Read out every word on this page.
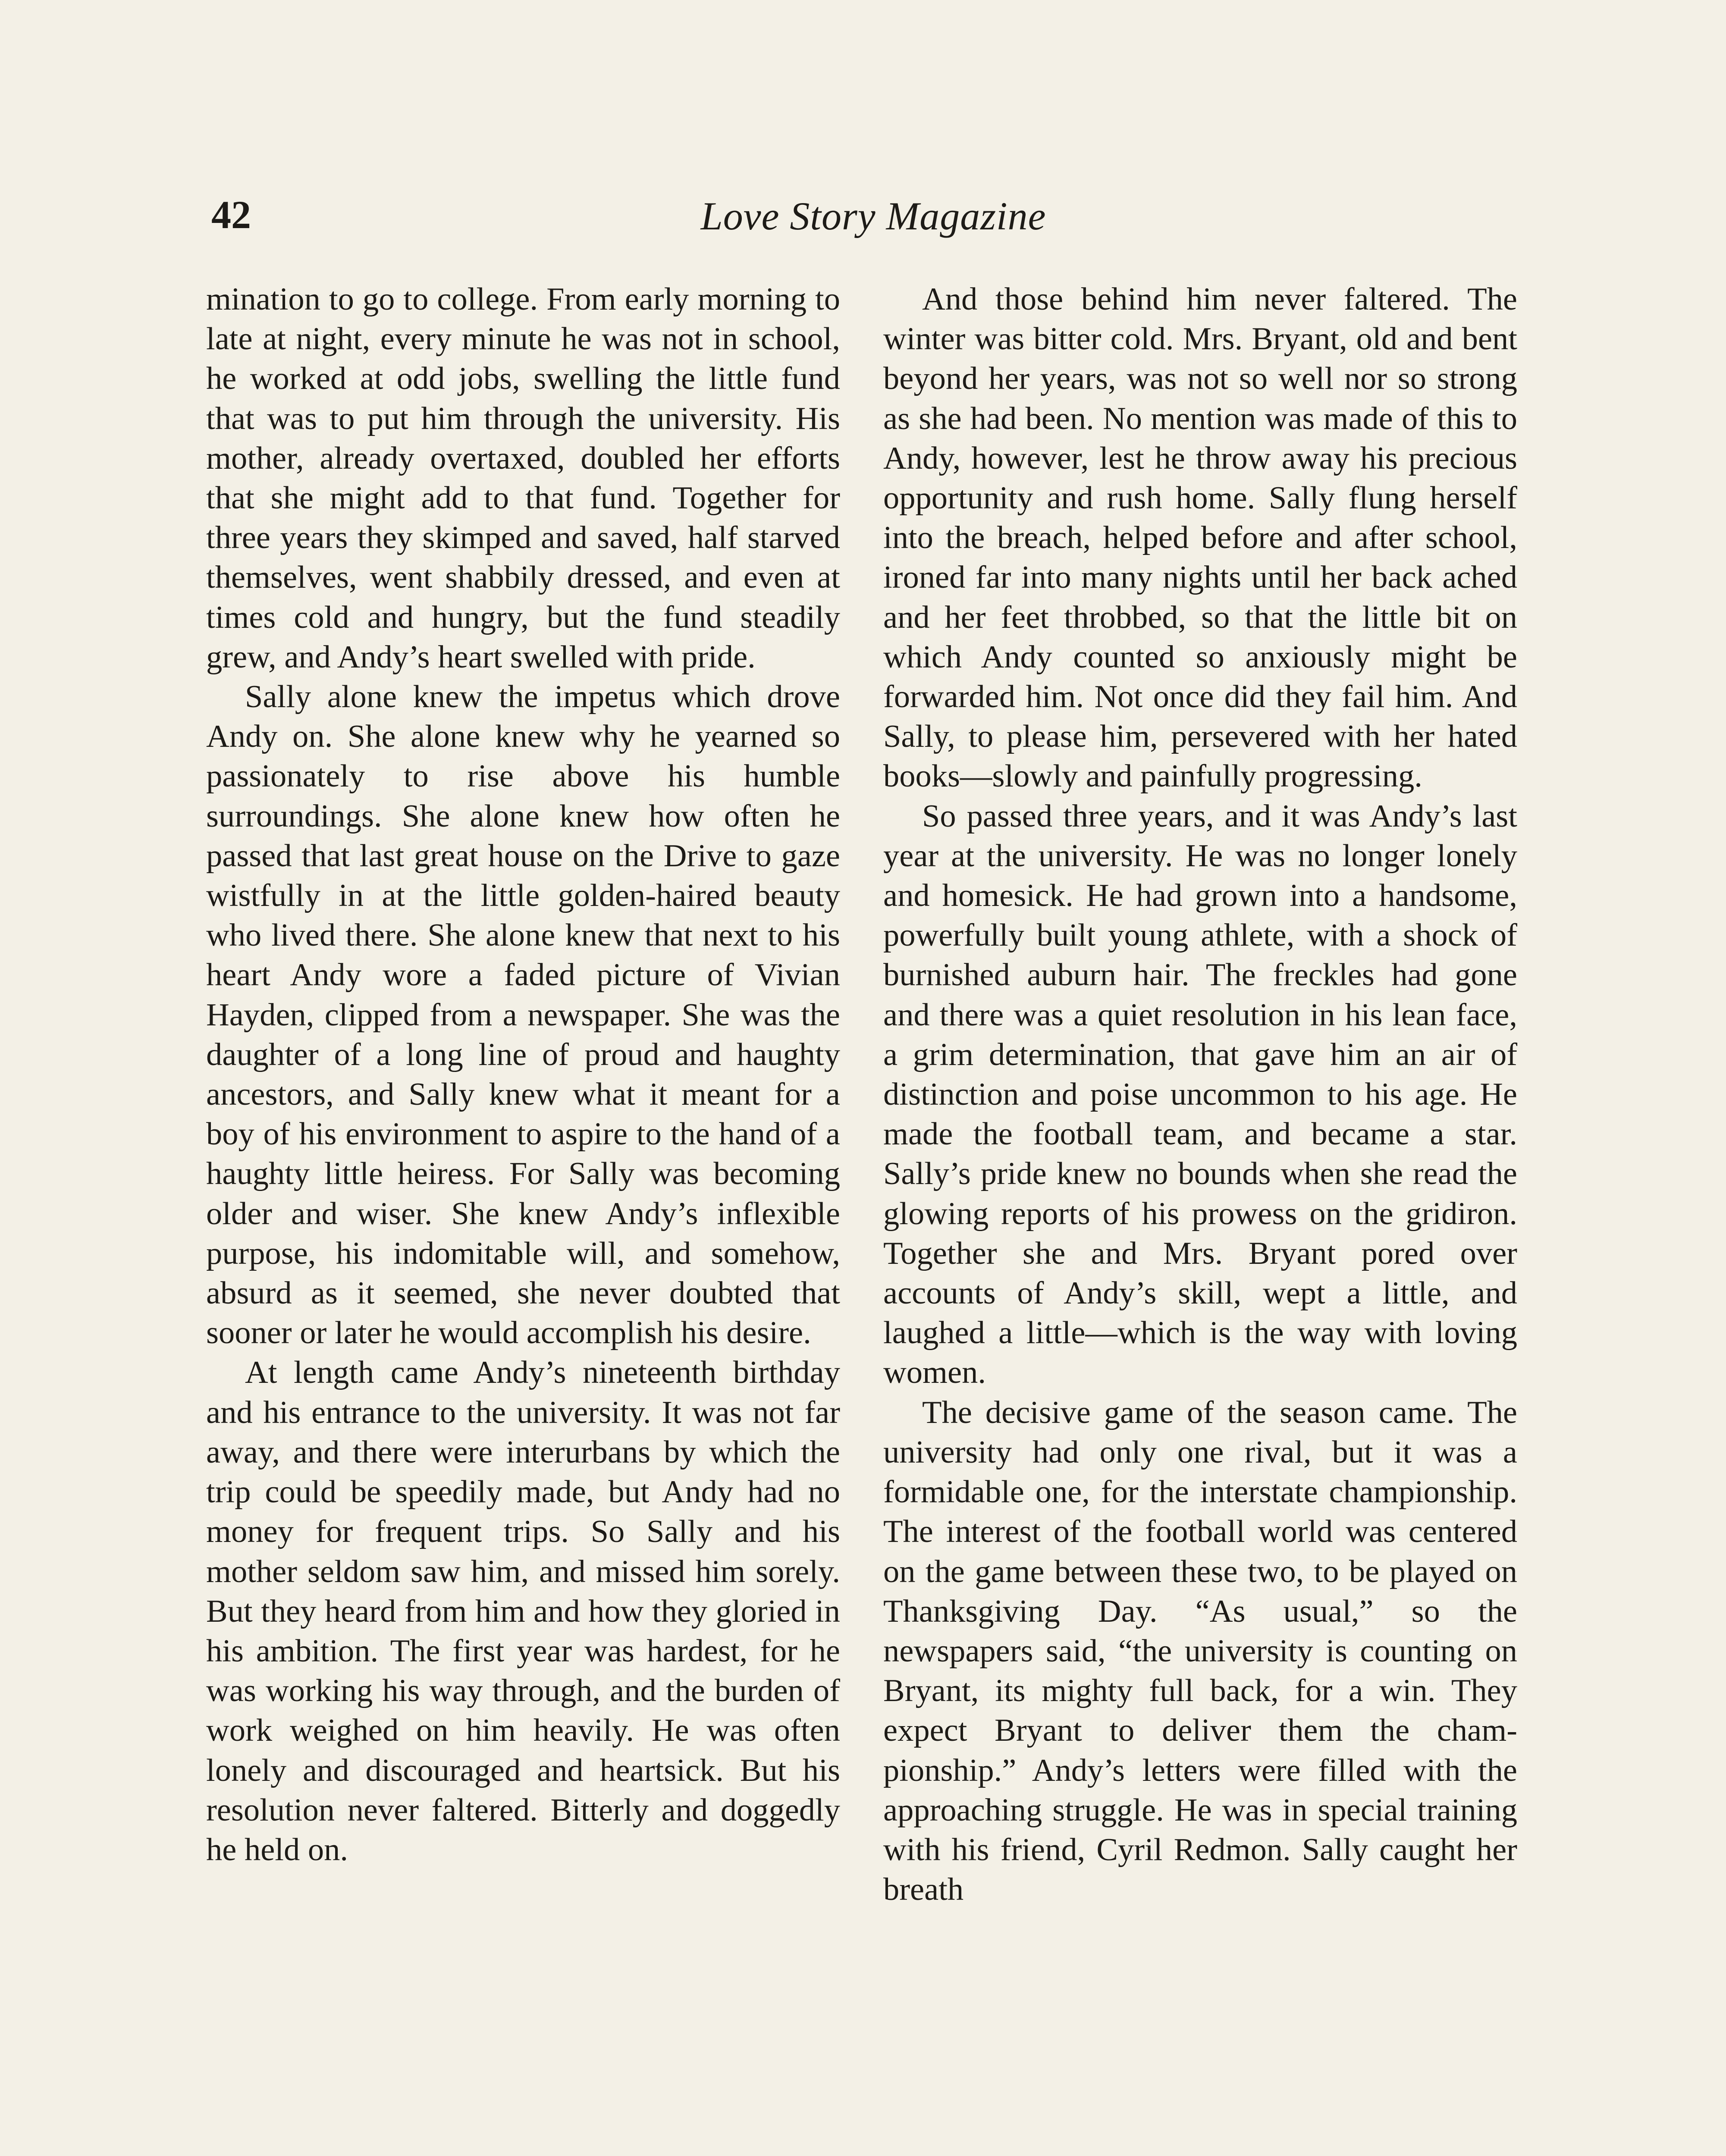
42	Love Story Magazine

mination to go to college. From early morning to late at night, every minute he was not in school, he worked at odd jobs, swelling the little fund that was to put him through the university. His mother, already overtaxed, doubled her efforts that she might add to that fund. Together for three years they skimped and saved, half starved themselves, went shabbily dressed, and even at times cold and hungry, but the fund steadily grew, and Andy’s heart swelled with pride.

Sally alone knew the impetus which drove Andy on. She alone knew why he yearned so passionately to rise above his humble surroundings. She alone knew how often he passed that last great house on the Drive to gaze wistfully in at the little golden-haired beauty who lived there. She alone knew that next to his heart Andy wore a faded picture of Vivian Hayden, clipped from a newspaper. She was the daughter of a long line of proud and haughty ancestors, and Sally knew what it meant for a boy of his environment to aspire to the hand of a haughty little heiress. For Sally was becoming older and wiser. She knew Andy’s inflexible purpose, his indomitable will, and somehow, absurd as it seemed, she never doubted that sooner or later he would accomplish his desire.

At length came Andy’s nineteenth birthday and his entrance to the university. It was not far away, and there were interurbans by which the trip could be speedily made, but Andy had no money for frequent trips. So Sally and his mother seldom saw him, and missed him sorely. But they heard from him and how they gloried in his ambition. The first year was hardest, for he was working his way through, and the burden of work weighed on him heavily. He was often lonely and discouraged and heartsick. But his resolution never faltered. Bitterly and doggedly he held on.

And those behind him never faltered. The winter was bitter cold. Mrs. Bryant, old and bent beyond her years, was not so well nor so strong as she had been. No mention was made of this to Andy, however, lest he throw away his precious opportunity and rush home. Sally flung herself into the breach, helped before and after school, ironed far into many nights until her back ached and her feet throbbed, so that the little bit on which Andy counted so anxiously might be forwarded him. Not once did they fail him. And Sally, to please him, persevered with her hated books—slowly and painfully progressing.

So passed three years, and it was Andy’s last year at the university. He was no longer lonely and homesick. He had grown into a handsome, powerfully built young athlete, with a shock of burnished auburn hair. The freckles had gone and there was a quiet resolution in his lean face, a grim determination, that gave him an air of distinction and poise uncommon to his age. He made the football team, and became a star. Sally’s pride knew no bounds when she read the glowing reports of his prowess on the gridiron. Together she and Mrs. Bryant pored over accounts of Andy’s skill, wept a little, and laughed a little—which is the way with loving women.

The decisive game of the season came. The university had only one rival, but it was a formidable one, for the interstate championship. The interest of the football world was centered on the game between these two, to be played on Thanksgiving Day. “As usual,” so the newspapers said, “the university is counting on Bryant, its mighty full back, for a win. They expect Bryant to deliver them the championship.” Andy’s letters were filled with the approaching struggle. He was in special training with his friend, Cyril Redmon. Sally caught her breath
